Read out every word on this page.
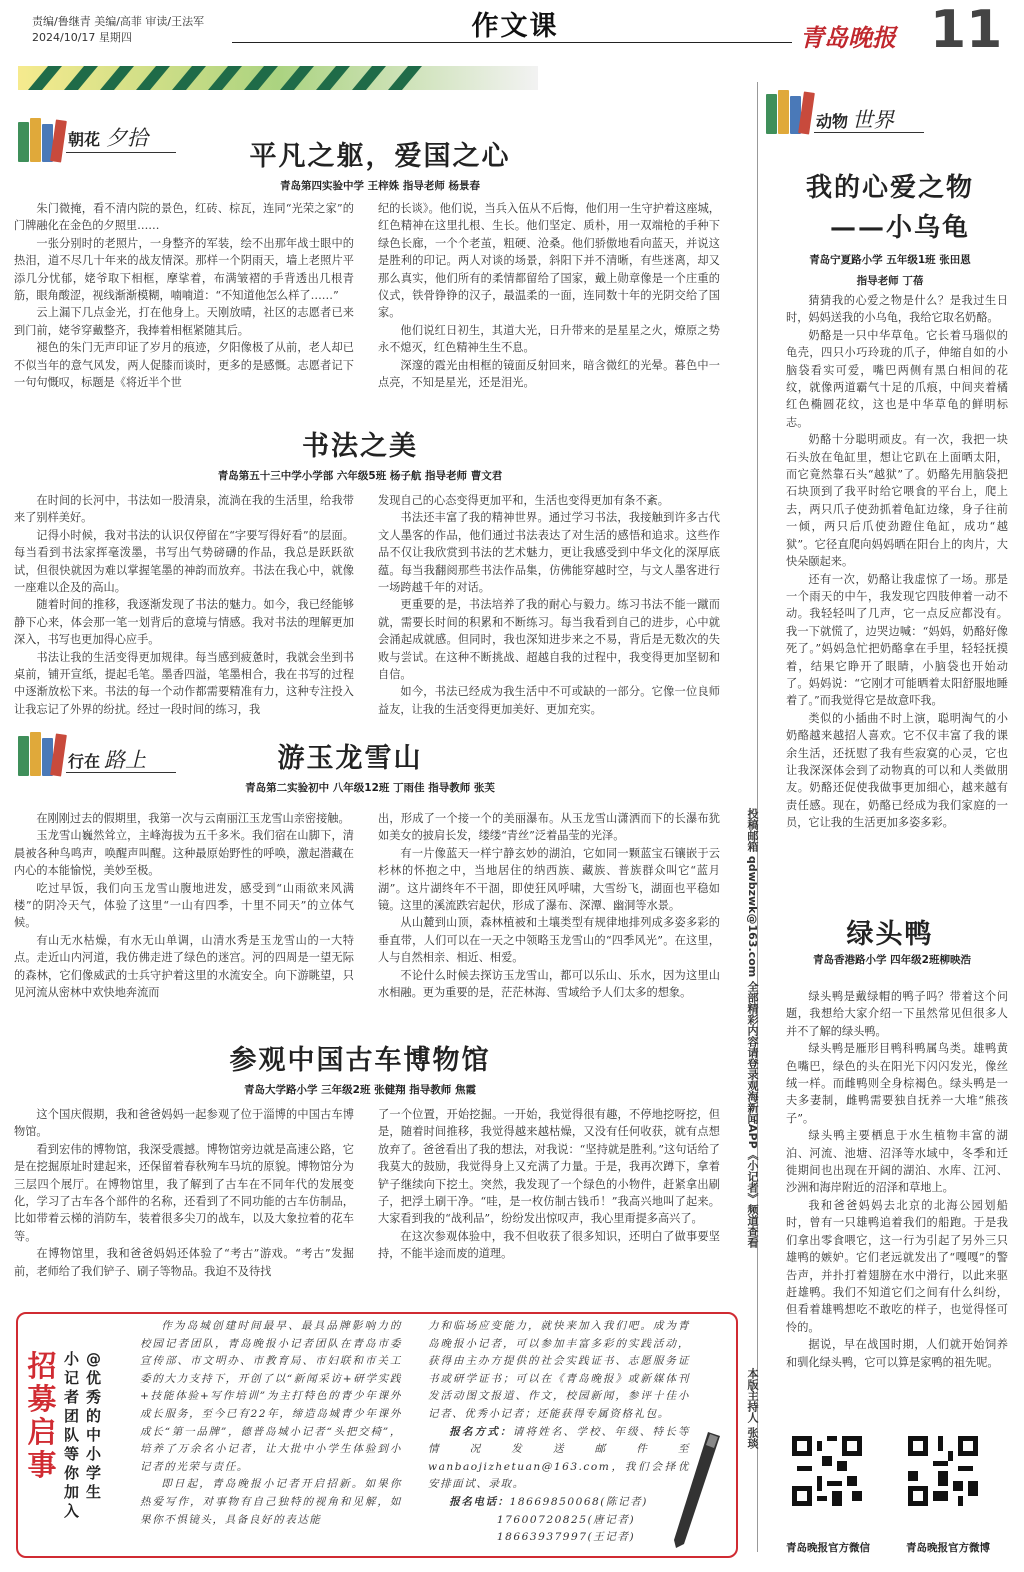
责编/鲁继青 美编/高菲 审读/王法军
2024/10/17 星期四	作文课	青岛晚报 11
朝花 夕拾
平凡之躯，爱国之心
青岛第四实验中学 王梓姝 指导老师 杨景春

朱门微掩，看不清内院的景色，红砖、棕瓦，连同“光荣之家”的门牌融化在金色的夕照里……

一张分别时的老照片，一身整齐的军装，绘不出那年战士眼中的热泪，道不尽几十年来的战友情深。那样一个阴雨天，墙上老照片平添几分忧郁，姥爷取下相框，摩挲着，布满皱褶的手背透出几根青筋，眼角酸涩，视线渐渐模糊，喃喃道：“不知道他怎么样了……”

云上漏下几点金光，打在他身上。天刚放晴，社区的志愿者已来到门前，姥爷穿戴整齐，我捧着相框紧随其后。

褪色的朱门无声印证了岁月的痕迹，夕阳像极了从前，老人却已不似当年的意气风发，两人促膝而谈时，更多的是感慨。志愿者记下一句句慨叹，标题是《将近半个世

纪的长谈》。他们说，当兵入伍从不后悔，他们用一生守护着这座城，红色精神在这里扎根、生长。他们坚定、质朴，用一双端枪的手种下绿色长廊，一个个老茧，粗硬、沧桑。他们骄傲地看向蓝天，并说这是胜利的印记。两人对谈的场景，斜阳下并不清晰，有些迷离，却又那么真实，他们所有的柔情都留给了国家，戴上勋章像是一个庄重的仪式，铁骨铮铮的汉子，最温柔的一面，连同数十年的光阴交给了国家。

他们说红日初生，其道大光，日升带来的是星星之火，燎原之势永不熄灭，红色精神生生不息。

深邃的霞光由相框的镜面反射回来，暗含微红的光晕。暮色中一点亮，不知是星光，还是泪光。

书法之美
青岛第五十三中学小学部 六年级5班 杨子航 指导老师 曹文君

在时间的长河中，书法如一股清泉，流淌在我的生活里，给我带来了别样美好。

记得小时候，我对书法的认识仅停留在“字要写得好看”的层面。每当看到书法家挥毫泼墨，书写出气势磅礴的作品，我总是跃跃欲试，但很快就因为难以掌握笔墨的神韵而放弃。书法在我心中，就像一座难以企及的高山。

随着时间的推移，我逐渐发现了书法的魅力。如今，我已经能够静下心来，体会那一笔一划背后的意境与情感。我对书法的理解更加深入，书写也更加得心应手。

书法让我的生活变得更加规律。每当感到疲惫时，我就会坐到书桌前，铺开宣纸，提起毛笔。墨香四溢，笔墨相合，我在书写的过程中逐渐放松下来。书法的每一个动作都需要精准有力，这种专注投入让我忘记了外界的纷扰。经过一段时间的练习，我

发现自己的心态变得更加平和，生活也变得更加有条不紊。

书法还丰富了我的精神世界。通过学习书法，我接触到许多古代文人墨客的作品，他们通过书法表达了对生活的感悟和追求。这些作品不仅让我欣赏到书法的艺术魅力，更让我感受到中华文化的深厚底蕴。每当我翻阅那些书法作品集，仿佛能穿越时空，与文人墨客进行一场跨越千年的对话。

更重要的是，书法培养了我的耐心与毅力。练习书法不能一蹴而就，需要长时间的积累和不断练习。每当我看到自己的进步，心中就会涌起成就感。但同时，我也深知进步来之不易，背后是无数次的失败与尝试。在这种不断挑战、超越自我的过程中，我变得更加坚韧和自信。

如今，书法已经成为我生活中不可或缺的一部分。它像一位良师益友，让我的生活变得更加美好、更加充实。

行在 路上	游玉龙雪山
青岛第二实验初中 八年级12班 丁雨佳 指导教师 张芙

在刚刚过去的假期里，我第一次与云南丽江玉龙雪山亲密接触。

玉龙雪山巍然耸立，主峰海拔为五千多米。我们宿在山脚下，清晨被各种鸟鸣声，唤醒声叫醒。这种最原始野性的呼唤，激起潜藏在内心的本能愉悦，美妙至极。

吃过早饭，我们向玉龙雪山腹地进发，感受到“山雨欲来风满楼”的阴冷天气，体验了这里“一山有四季，十里不同天”的立体气候。

有山无水枯燥，有水无山单调，山清水秀是玉龙雪山的一大特点。走近山内河道，我仿佛走进了绿色的迷宫。河的四周是一望无际的森林，它们像威武的士兵守护着这里的水流安全。向下游眺望，只见河流从密林中欢快地奔流而

出，形成了一个接一个的美丽瀑布。从玉龙雪山潇洒而下的长瀑布犹如美女的披肩长发，缕缕“青丝”泛着晶莹的光泽。

有一片像蓝天一样宁静玄妙的湖泊，它如同一颗蓝宝石镶嵌于云杉林的怀抱之中，当地居住的纳西族、藏族、普族群众叫它“蓝月湖”。这片湖终年不干涸，即使狂风呼啸，大雪纷飞，湖面也平稳如镜。这里的溪流跌宕起伏，形成了瀑布、深潭、幽洞等水景。

从山麓到山顶，森林植被和土壤类型有规律地排列成多姿多彩的垂直带，人们可以在一天之中领略玉龙雪山的“四季风光”。在这里，人与自然相亲、相近、相爱。

不论什么时候去探访玉龙雪山，都可以乐山、乐水，因为这里山水相融。更为重要的是，茫茫林海、雪域给予人们太多的想象。

参观中国古车博物馆
青岛大学路小学 三年级2班 张健翔 指导教师 焦霞

这个国庆假期，我和爸爸妈妈一起参观了位于淄博的中国古车博物馆。

看到宏伟的博物馆，我深受震撼。博物馆旁边就是高速公路，它是在挖掘原址时建起来，还保留着春秋殉车马坑的原貌。博物馆分为三层四个展厅。在博物馆里，我了解到了古车在不同年代的发展变化，学习了古车各个部件的名称，还看到了不同功能的古车仿制品，比如带着云梯的消防车，装着很多尖刀的战车，以及大象拉着的花车等。

在博物馆里，我和爸爸妈妈还体验了“考古”游戏。“考古”发掘前，老师给了我们铲子、刷子等物品。我迫不及待找

了一个位置，开始挖掘。一开始，我觉得很有趣，不停地挖呀挖，但是，随着时间推移，我觉得越来越枯燥，又没有任何收获，就有点想放弃了。爸爸看出了我的想法，对我说：“坚持就是胜利。”这句话给了我莫大的鼓励，我觉得身上又充满了力量。于是，我再次蹲下，拿着铲子继续向下挖土。突然，我发现了一个绿色的小物件，赶紧拿出刷子，把浮土刷干净。“哇，是一枚仿制古钱币！”我高兴地叫了起来。大家看到我的“战利品”，纷纷发出惊叹声，我心里甭提多高兴了。

在这次参观体验中，我不但收获了很多知识，还明白了做事要坚持，不能半途而废的道理。

招募启事
小记者团队等你加入@优秀的中小学生

作为岛城创建时间最早、最具品牌影响力的校园记者团队，青岛晚报小记者团队在青岛市委宣传部、市文明办、市教育局、市妇联和市关工委的大力支持下，开创了以“新闻采访+研学实践+技能体验+写作培训”为主打特色的青少年课外成长服务，至今已有22年，缔造岛城青少年课外成长“第一品牌”，德普岛城小记者“头把交椅”，培养了万余名小记者，让大批中小学生体验到小记者的光荣与责任。

即日起，青岛晚报小记者开启招新。如果你热爱写作，对事物有自己独特的视角和见解，如果你不惧镜头，具备良好的表达能

力和临场应变能力，就快来加入我们吧。成为青岛晚报小记者，可以参加丰富多彩的实践活动，获得由主办方提供的社会实践证书、志愿服务证书或研学证书；可以在《青岛晚报》或新媒体刊发活动图文报道、作文，校园新闻，参评十佳小记者、优秀小记者；还能获得专属资格礼包。

报名方式：请将姓名、学校、年级、特长等情况发送邮件至 wanbaojizhetuan@163.com，我们会择优安排面试、录取。

报名电话：18669850068(陈记者)

17600720825(唐记者)

18663937997(王记者)

投稿邮箱 qdwbzwk@163.com 全部精彩内容请登录观海新闻APP《小记者》频道查看
本版主持人 张琰
动物 世界
我的心爱之物
——小乌龟
青岛宁夏路小学 五年级1班 张田恩
指导老师 丁蓓

猜猜我的心爱之物是什么？是我过生日时，妈妈送我的小乌龟，我给它取名奶酪。

奶酪是一只中华草龟。它长着马瑙似的龟壳，四只小巧玲珑的爪子，伸缩自如的小脑袋看实可爱，嘴巴两侧有黑白相间的花纹，就像两道霸气十足的爪痕，中间夹着橘红色椭圆花纹，这也是中华草龟的鲜明标志。

奶酪十分聪明顽皮。有一次，我把一块石头放在龟缸里，想让它趴在上面晒太阳，而它竟然靠石头“越狱”了。奶酪先用脑袋把石块顶到了我平时给它喂食的平台上，爬上去，两只爪子使劲抓着龟缸边缘，身子往前一倾，两只后爪使劲蹬住龟缸，成功“越狱”。它径直爬向妈妈晒在阳台上的肉片，大快朵颐起来。

还有一次，奶酪让我虚惊了一场。那是一个雨天的中午，我发现它四肢伸着一动不动。我轻轻叫了几声，它一点反应都没有。我一下就慌了，边哭边喊：“妈妈，奶酪好像死了。”妈妈急忙把奶酪拿在手里，轻轻抚摸着，结果它睁开了眼睛，小脑袋也开始动了。妈妈说：“它刚才可能晒着太阳舒服地睡着了。”而我觉得它是故意吓我。

类似的小插曲不时上演，聪明淘气的小奶酪越来越招人喜欢。它不仅丰富了我的课余生活，还抚慰了我有些寂寞的心灵，它也让我深深体会到了动物真的可以和人类做朋友。奶酪还促使我做事更加细心，越来越有责任感。现在，奶酪已经成为我们家庭的一员，它让我的生活更加多姿多彩。

绿头鸭
青岛香港路小学 四年级2班柳映浩

绿头鸭是戴绿帽的鸭子吗？带着这个问题，我想给大家介绍一下虽然常见但很多人并不了解的绿头鸭。

绿头鸭是雁形目鸭科鸭属鸟类。雄鸭黄色嘴巴，绿色的头在阳光下闪闪发光，像丝绒一样。而雌鸭则全身棕褐色。绿头鸭是一夫多妻制，雌鸭需要独自抚养一大堆“熊孩子”。

绿头鸭主要栖息于水生植物丰富的湖泊、河流、池塘、沼泽等水域中，冬季和迁徙期间也出现在开阔的湖泊、水库、江河、沙洲和海岸附近的沼泽和草地上。

我和爸爸妈妈去北京的北海公园划船时，曾有一只雄鸭追着我们的船跑。于是我们拿出零食喂它，这一行为引起了另外三只雄鸭的嫉妒。它们老远就发出了“嘎嘎”的警告声，并扑打着翅膀在水中滑行，以此来驱赶雄鸭。我们不知道它们之间有什么纠纷，但看着雄鸭想吃不敢吃的样子，也觉得怪可怜的。

据说，早在战国时期，人们就开始饲养和驯化绿头鸭，它可以算是家鸭的祖先呢。

青岛晚报官方微信	青岛晚报官方微博
